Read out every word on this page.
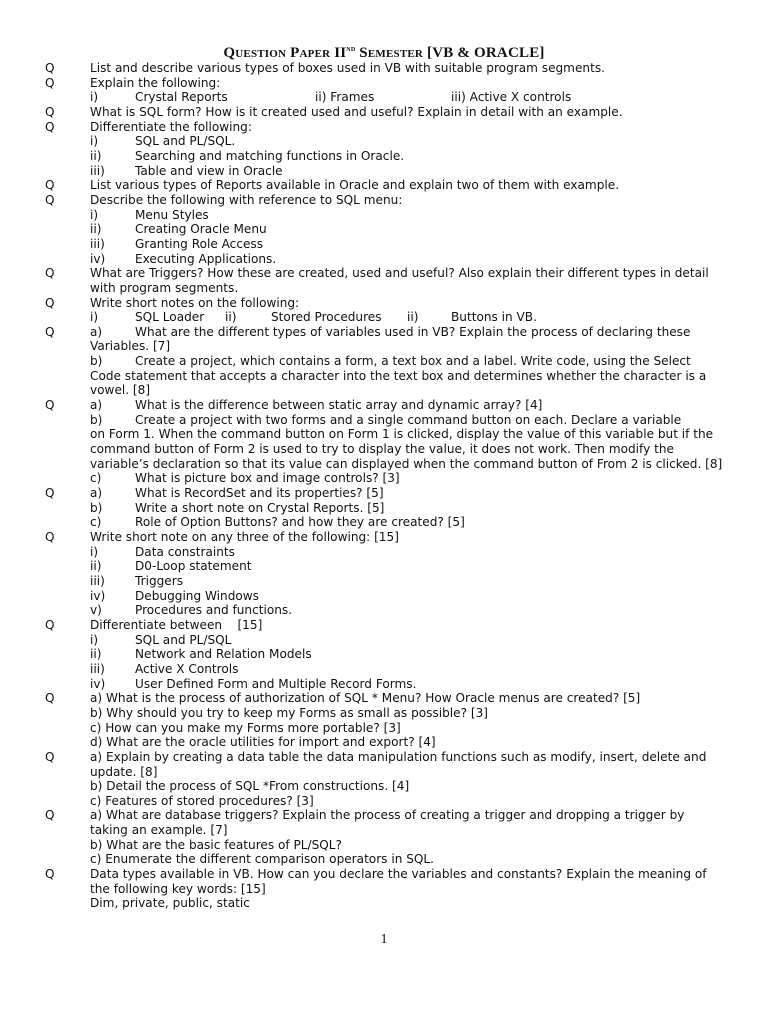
Question Paper IInd Semester [VB & ORACLE]
Q	List and describe various types of boxes used in VB with suitable program segments.
Q	Explain the following:
i)	Crystal Reports	ii) Frames	iii) Active X controls
Q	What is SQL form? How is it created used and useful? Explain in detail with an example.
Q	Differentiate the following:
i)	SQL and PL/SQL.
ii)	Searching and matching functions in Oracle.
iii)	Table and view in Oracle
Q	List various types of Reports available in Oracle and explain two of them with example.
Q	Describe the following with reference to SQL menu:
i)	Menu Styles
ii)	Creating Oracle Menu
iii)	Granting Role Access
iv)	Executing Applications.
Q	What are Triggers? How these are created, used and useful? Also explain their different types in detail with program segments.
Q	Write short notes on the following:
i)	SQL Loader	ii)	Stored Procedures	ii)	Buttons in VB.
Q	a)	What are the different types of variables used in VB? Explain the process of declaring these
Variables. [7]
b)	Create a project, which contains a form, a text box and a label. Write code, using the Select
Code statement that accepts a character into the text box and determines whether the character is a vowel. [8]
Q	a)	What is the difference between static array and dynamic array? [4]
b)	Create a project with two forms and a single command button on each. Declare a variable
on Form 1. When the command button on Form 1 is clicked, display the value of this variable but if the command button of Form 2 is used to try to display the value, it does not work. Then modify the variable’s declaration so that its value can displayed when the command button of From 2 is clicked. [8]
c)	What is picture box and image controls? [3]
Q	a)	What is RecordSet and its properties? [5]
b)	Write a short note on Crystal Reports. [5]
c)	Role of Option Buttons? and how they are created? [5]
Q	Write short note on any three of the following: [15]
i)	Data constraints
ii)	D0-Loop statement
iii)	Triggers
iv)	Debugging Windows
v)	Procedures and functions.
Q	Differentiate between    [15]
i)	SQL and PL/SQL
ii)	Network and Relation Models
iii)	Active X Controls
iv)	User Defined Form and Multiple Record Forms.
Q	a) What is the process of authorization of SQL * Menu? How Oracle menus are created? [5]
b) Why should you try to keep my Forms as small as possible? [3]
c) How can you make my Forms more portable? [3]
d) What are the oracle utilities for import and export? [4]
Q	a) Explain by creating a data table the data manipulation functions such as modify, insert, delete and update. [8]
b) Detail the process of SQL *From constructions. [4]
c) Features of stored procedures? [3]
Q	a) What are database triggers? Explain the process of creating a trigger and dropping a trigger by taking an example. [7]
b) What are the basic features of PL/SQL?
c) Enumerate the different comparison operators in SQL.
Q	Data types available in VB. How can you declare the variables and constants? Explain the meaning of the following key words: [15]
Dim, private, public, static
1
